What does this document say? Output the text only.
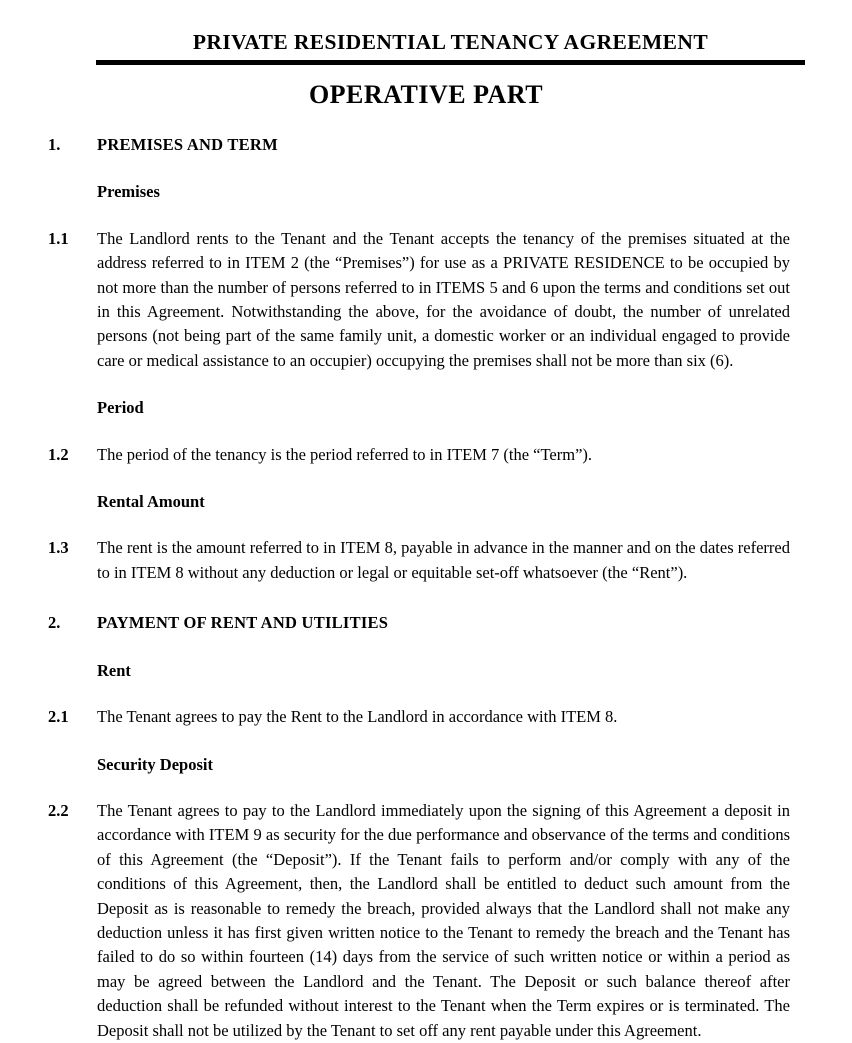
PRIVATE RESIDENTIAL TENANCY AGREEMENT
OPERATIVE PART
1.	PREMISES AND TERM
Premises
1.1	The Landlord rents to the Tenant and the Tenant accepts the tenancy of the premises situated at the address referred to in ITEM 2 (the “Premises”) for use as a PRIVATE RESIDENCE to be occupied by not more than the number of persons referred to in ITEMS 5 and 6 upon the terms and conditions set out in this Agreement. Notwithstanding the above, for the avoidance of doubt, the number of unrelated persons (not being part of the same family unit, a domestic worker or an individual engaged to provide care or medical assistance to an occupier) occupying the premises shall not be more than six (6).
Period
1.2	The period of the tenancy is the period referred to in ITEM 7 (the “Term”).
Rental Amount
1.3	The rent is the amount referred to in ITEM 8, payable in advance in the manner and on the dates referred to in ITEM 8 without any deduction or legal or equitable set-off whatsoever (the “Rent”).
2.	PAYMENT OF RENT AND UTILITIES
Rent
2.1	The Tenant agrees to pay the Rent to the Landlord in accordance with ITEM 8.
Security Deposit
2.2	The Tenant agrees to pay to the Landlord immediately upon the signing of this Agreement a deposit in accordance with ITEM 9 as security for the due performance and observance of the terms and conditions of this Agreement (the “Deposit”). If the Tenant fails to perform and/or comply with any of the conditions of this Agreement, then, the Landlord shall be entitled to deduct such amount from the Deposit as is reasonable to remedy the breach, provided always that the Landlord shall not make any deduction unless it has first given written notice to the Tenant to remedy the breach and the Tenant has failed to do so within fourteen (14) days from the service of such written notice or within a period as may be agreed between the Landlord and the Tenant. The Deposit or such balance thereof after deduction shall be refunded without interest to the Tenant when the Term expires or is terminated. The Deposit shall not be utilized by the Tenant to set off any rent payable under this Agreement.
